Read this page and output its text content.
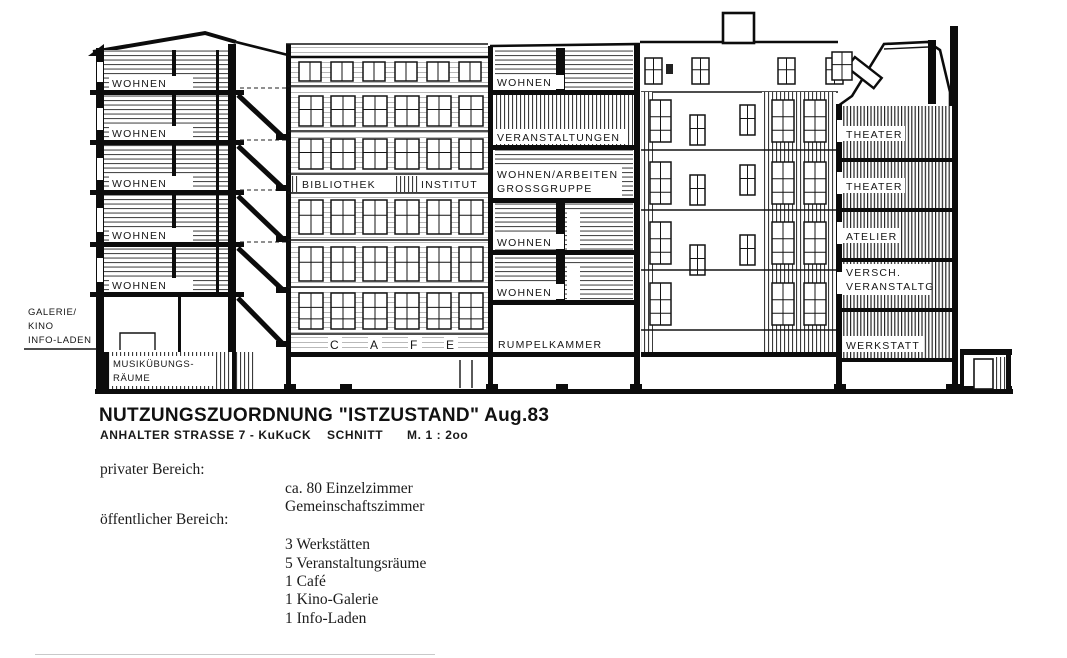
WOHNEN
WOHNEN
WOHNEN
WOHNEN
WOHNEN
MUSIKÜBUNGS-
RÄUME
GALERIE/
KINO
INFO-LADEN
BIBLIOTHEK	INSTITUT
C	A	F E
WOHNEN
VERANSTALTUNGEN
WOHNEN/ARBEITEN
GROSSGRUPPE
WOHNEN
WOHNEN
RUMPELKAMMER
THEATER
THEATER
ATELIER
VERSCH.
VERANSTALTG
WERKSTATT
NUTZUNGSZUORDNUNG "ISTZUSTAND" Aug.83
ANHALTER STRASSE 7 - KuKuCK SCHNITT M. 1 : 2oo
privater Bereich:
ca. 80 Einzelzimmer
Gemeinschaftszimmer
öffentlicher Bereich:
3 Werkstätten
5 Veranstaltungsräume
1 Café
1 Kino-Galerie
1 Info-Laden
